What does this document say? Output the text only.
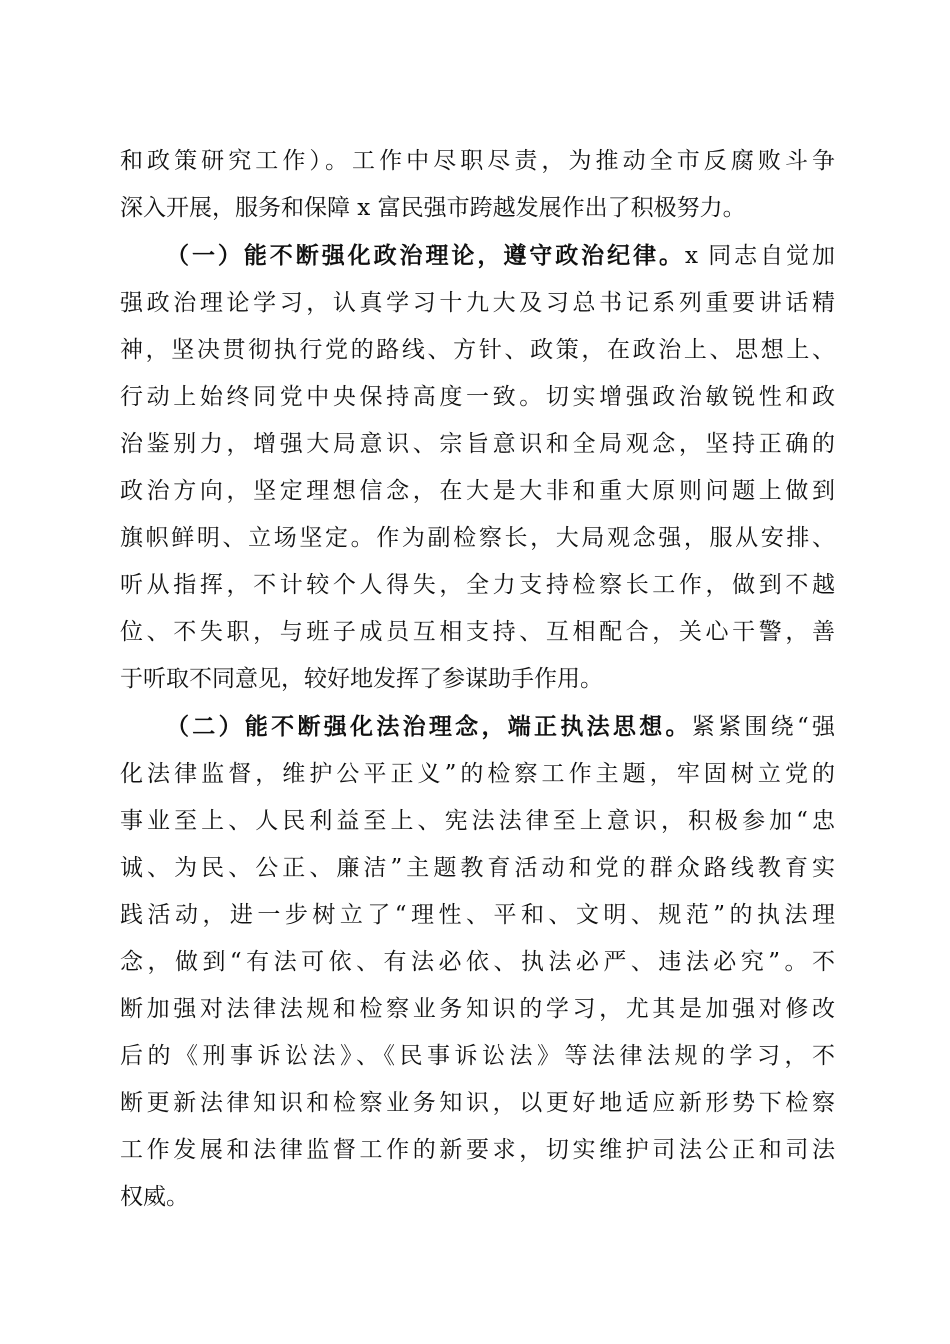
和政策研究工作）。工作中尽职尽责，为推动全市反腐败斗争
深入开展，服务和保障 x 富民强市跨越发展作出了积极努力。
（一）能不断强化政治理论，遵守政治纪律。x 同志自觉加
强政治理论学习，认真学习十九大及习总书记系列重要讲话精
神，坚决贯彻执行党的路线、方针、政策，在政治上、思想上、
行动上始终同党中央保持高度一致。切实增强政治敏锐性和政
治鉴别力，增强大局意识、宗旨意识和全局观念，坚持正确的
政治方向，坚定理想信念，在大是大非和重大原则问题上做到
旗帜鲜明、立场坚定。作为副检察长，大局观念强，服从安排、
听从指挥，不计较个人得失，全力支持检察长工作，做到不越
位、不失职，与班子成员互相支持、互相配合，关心干警，善
于听取不同意见，较好地发挥了参谋助手作用。
（二）能不断强化法治理念，端正执法思想。紧紧围绕“强
化法律监督，维护公平正义”的检察工作主题，牢固树立党的
事业至上、人民利益至上、宪法法律至上意识，积极参加“忠
诚、为民、公正、廉洁”主题教育活动和党的群众路线教育实
践活动，进一步树立了“理性、平和、文明、规范”的执法理
念，做到“有法可依、有法必依、执法必严、违法必究”。不
断加强对法律法规和检察业务知识的学习，尤其是加强对修改
后的《刑事诉讼法》、《民事诉讼法》等法律法规的学习，不
断更新法律知识和检察业务知识，以更好地适应新形势下检察
工作发展和法律监督工作的新要求，切实维护司法公正和司法
权威。
